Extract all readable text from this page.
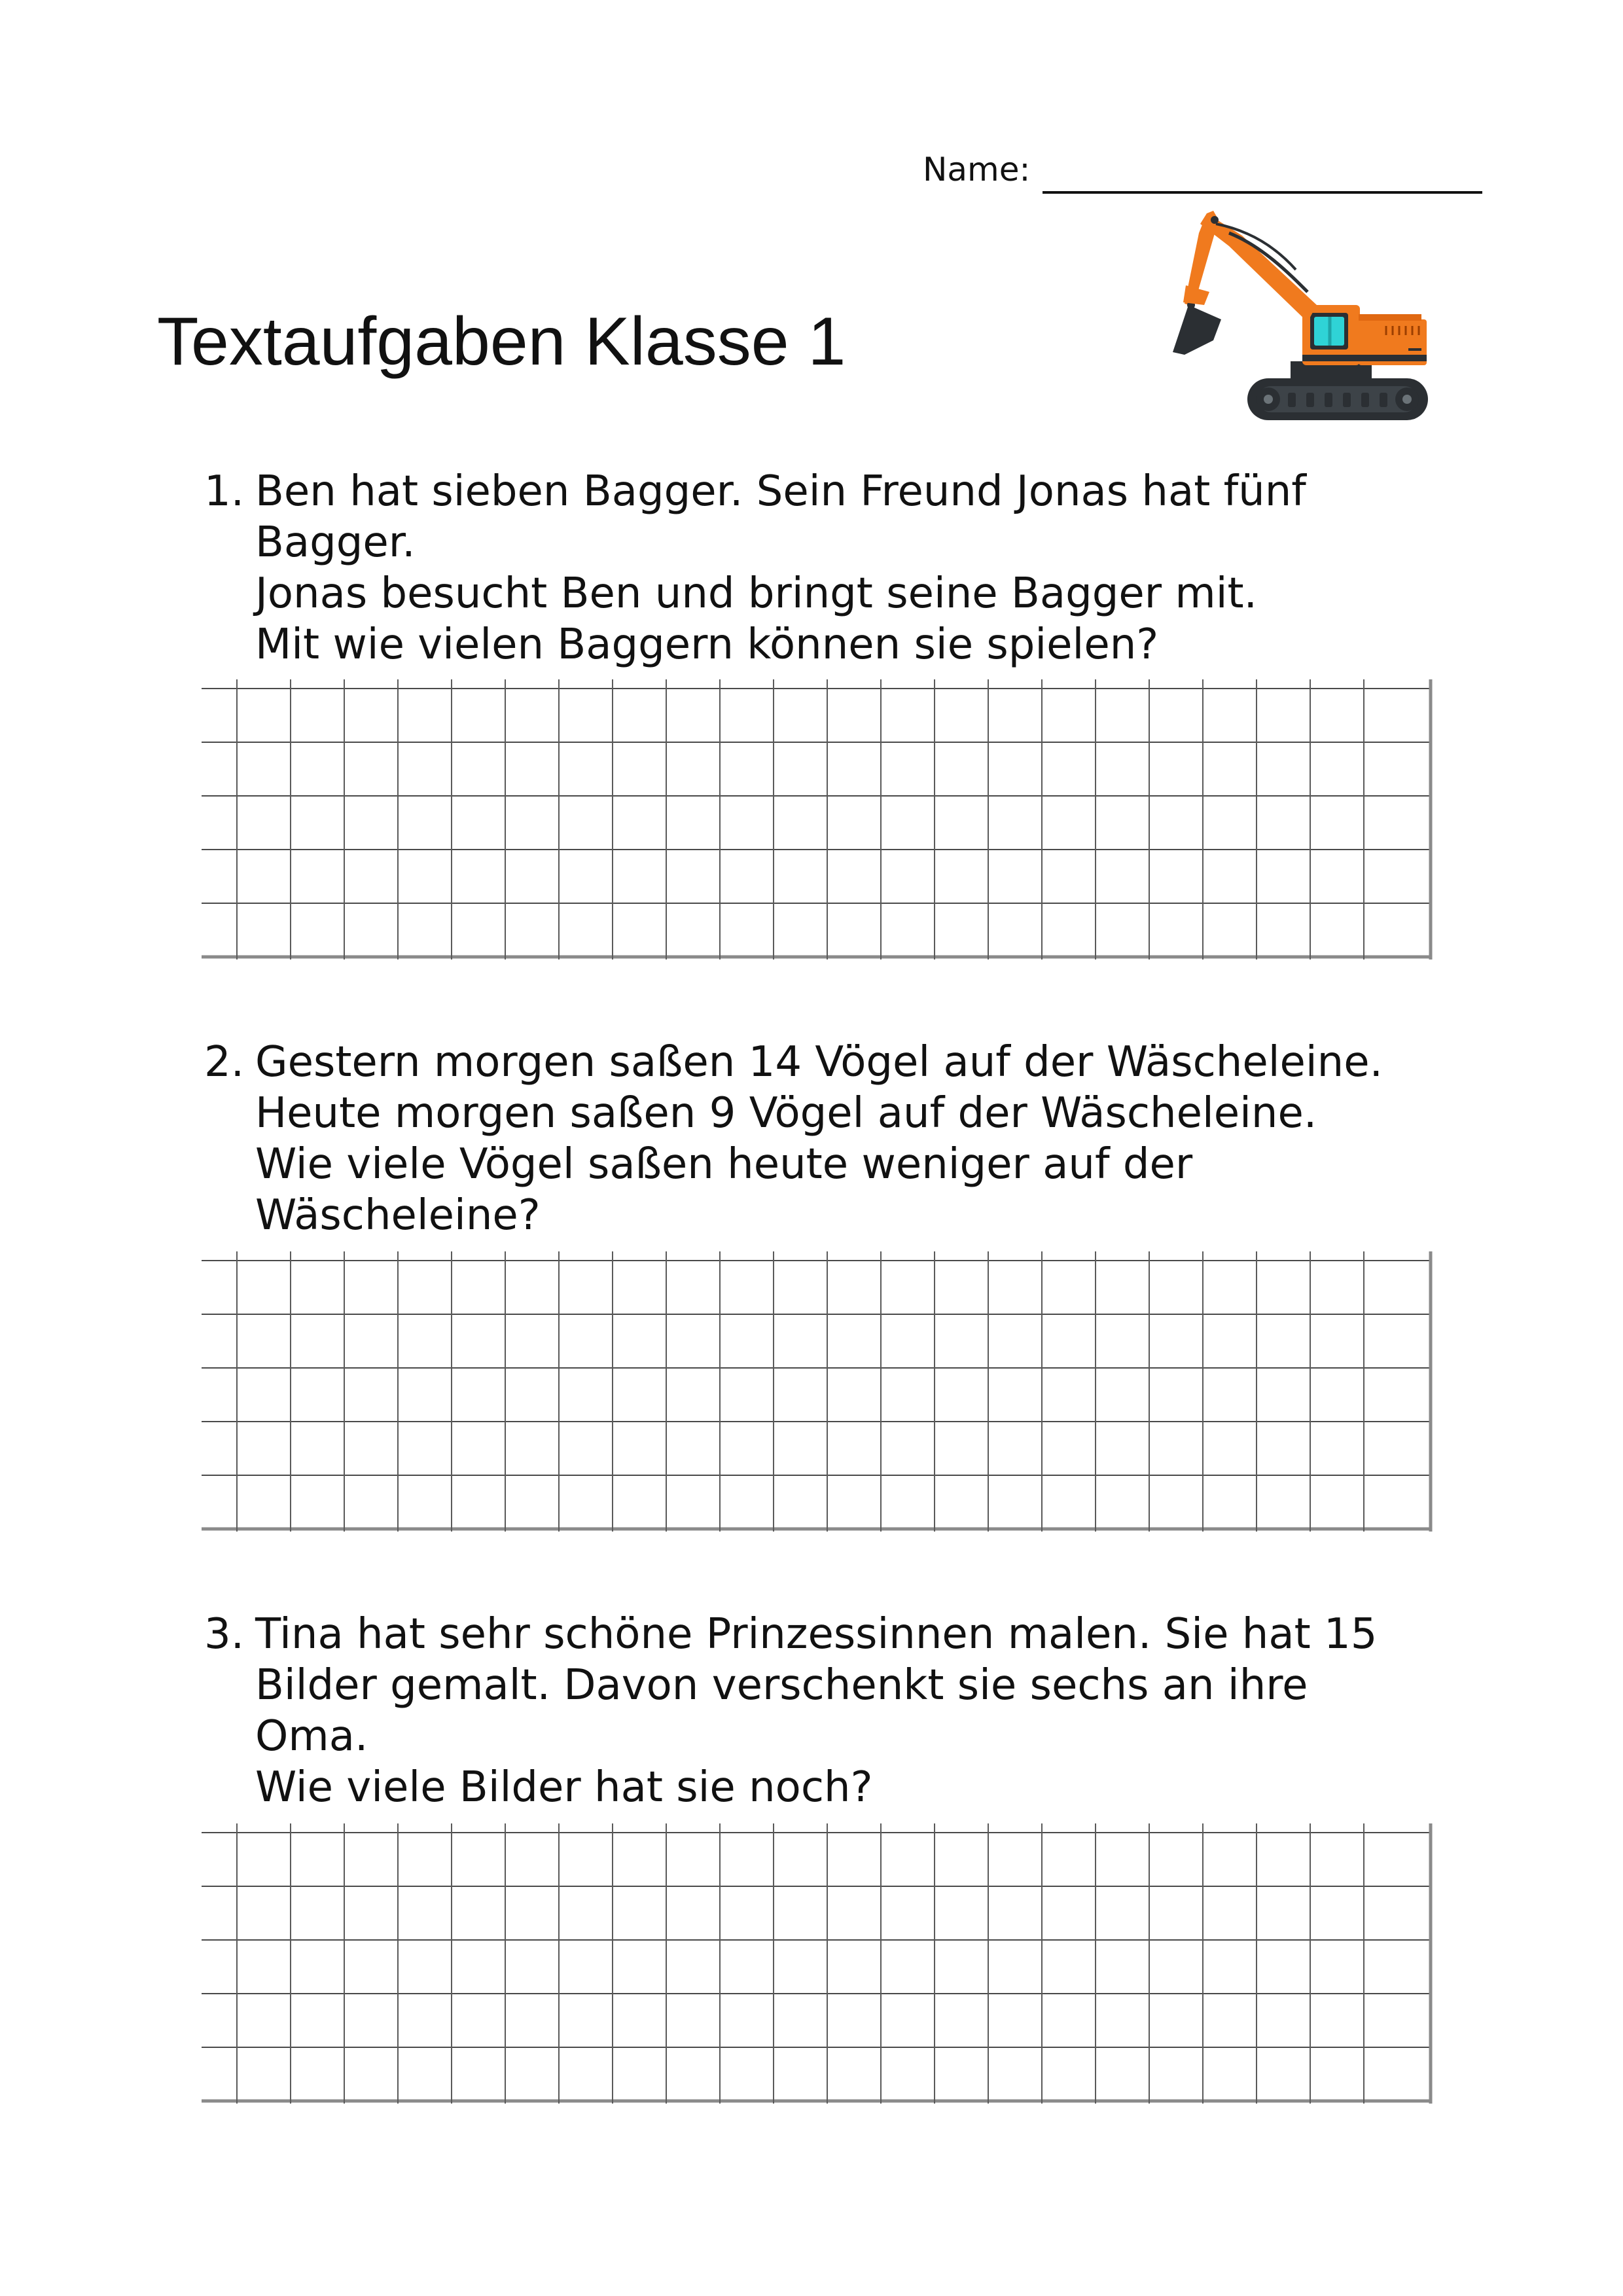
Name:
Textaufgaben Klasse 1
1. Ben hat sieben Bagger. Sein Freund Jonas hat fünf
Bagger.
Jonas besucht Ben und bringt seine Bagger mit.
Mit wie vielen Baggern können sie spielen?
2. Gestern morgen saßen 14 Vögel auf der Wäscheleine.
Heute morgen saßen 9 Vögel auf der Wäscheleine.
Wie viele Vögel saßen heute weniger auf der
Wäscheleine?
3. Tina hat sehr schöne Prinzessinnen malen. Sie hat 15
Bilder gemalt. Davon verschenkt sie sechs an ihre
Oma.
Wie viele Bilder hat sie noch?
